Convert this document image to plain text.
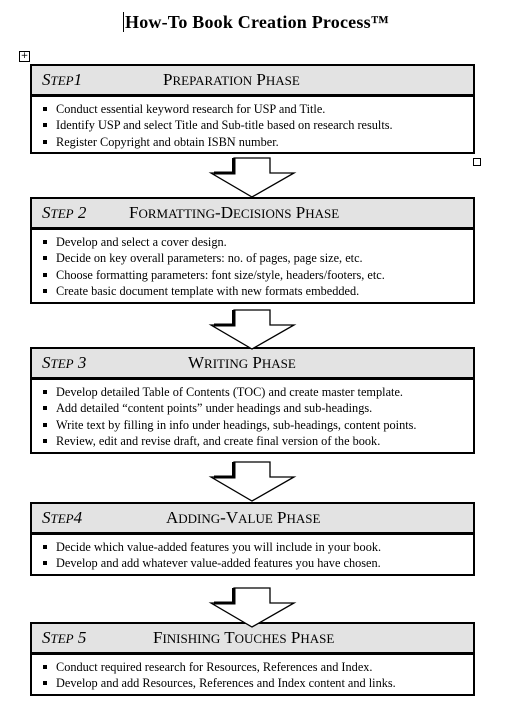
How-To Book Creation Process™
+
STEP1	PREPARATION PHASE
Conduct essential keyword research for USP and Title.
Identify USP and select Title and Sub-title based on research results.
Register Copyright and obtain ISBN number.
STEP 2	FORMATTING-DECISIONS PHASE
Develop and select a cover design.
Decide on key overall parameters: no. of pages, page size, etc.
Choose formatting parameters: font size/style, headers/footers, etc.
Create basic document template with new formats embedded.
STEP 3	WRITING PHASE
Develop detailed Table of Contents (TOC) and create master template.
Add detailed “content points” under headings and sub-headings.
Write text by filling in info under headings, sub-headings, content points.
Review, edit and revise draft, and create final version of the book.
STEP4	ADDING-VALUE PHASE
Decide which value-added features you will include in your book.
Develop and add whatever value-added features you have chosen.
STEP 5	FINISHING TOUCHES PHASE
Conduct required research for Resources, References and Index.
Develop and add Resources, References and Index content and links.
